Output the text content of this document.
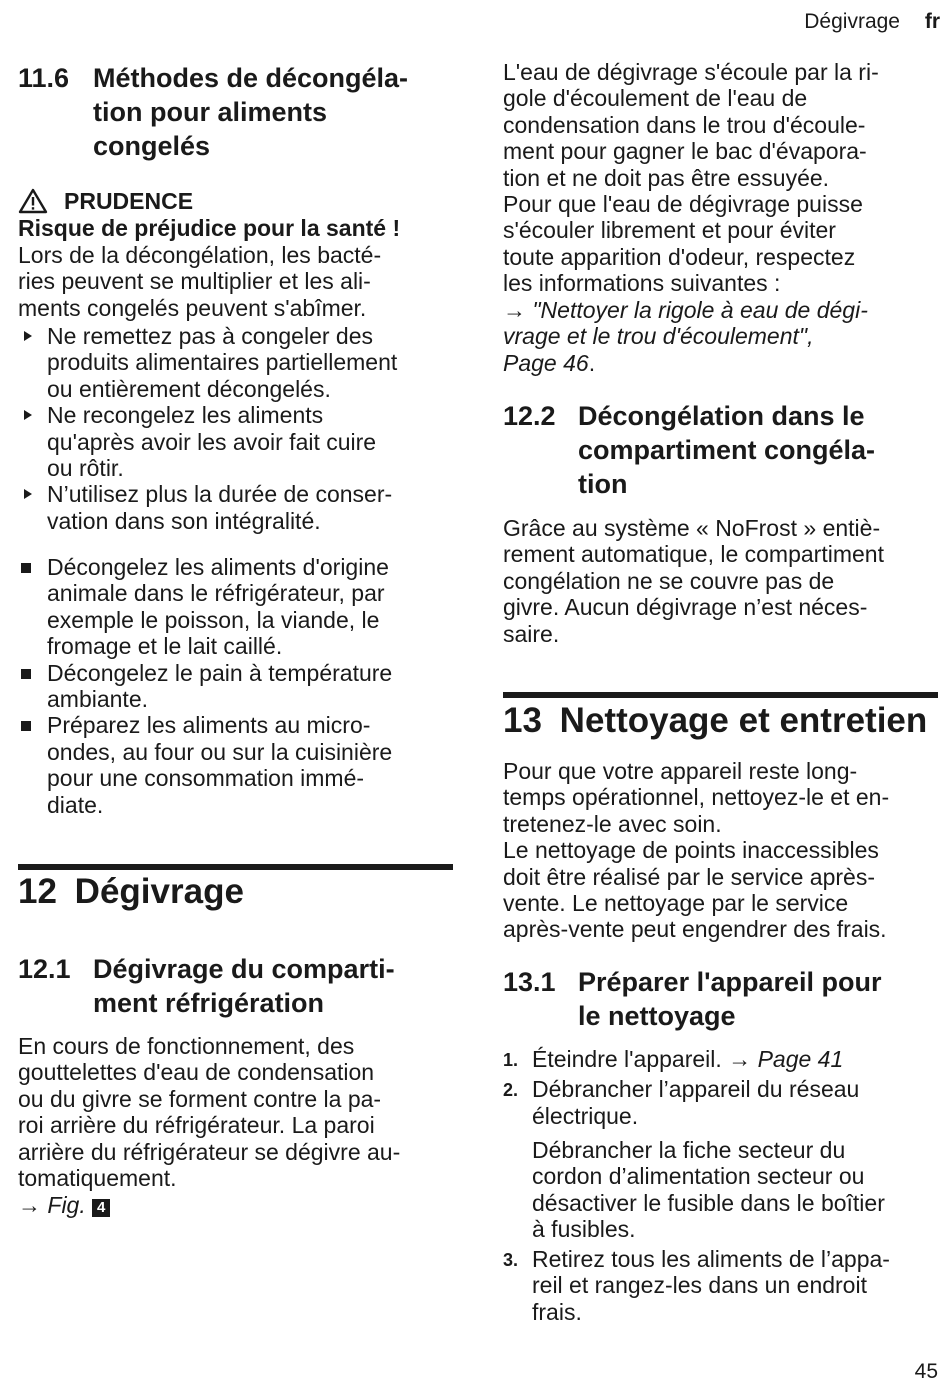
Dégivrage fr
11.6 Méthodes de décongéla-
tion pour aliments
congelés
PRUDENCE
Risque de préjudice pour la santé !
Lors de la décongélation, les bacté-
ries peuvent se multiplier et les ali-
ments congelés peuvent s'abîmer.
Ne remettez pas à congeler des
produits alimentaires partiellement
ou entièrement décongelés.
Ne recongelez les aliments
qu'après avoir les avoir fait cuire
ou rôtir.
N’utilisez plus la durée de conser-
vation dans son intégralité.
Décongelez les aliments d'origine
animale dans le réfrigérateur, par
exemple le poisson, la viande, le
fromage et le lait caillé.
Décongelez le pain à température
ambiante.
Préparez les aliments au micro-
ondes, au four ou sur la cuisinière
pour une consommation immé-
diate.
12 Dégivrage
12.1 Dégivrage du comparti-
ment réfrigération
En cours de fonctionnement, des
gouttelettes d'eau de condensation
ou du givre se forment contre la pa-
roi arrière du réfrigérateur. La paroi
arrière du réfrigérateur se dégivre au-
tomatiquement.
→ Fig. 4
L'eau de dégivrage s'écoule par la ri-
gole d'écoulement de l'eau de
condensation dans le trou d'écoule-
ment pour gagner le bac d'évapora-
tion et ne doit pas être essuyée.
Pour que l'eau de dégivrage puisse
s'écouler librement et pour éviter
toute apparition d'odeur, respectez
les informations suivantes :
→ "Nettoyer la rigole à eau de dégi-
vrage et le trou d'écoulement",
Page 46.
12.2 Décongélation dans le
compartiment congéla-
tion
Grâce au système « NoFrost » entiè-
rement automatique, le compartiment
congélation ne se couvre pas de
givre. Aucun dégivrage n’est néces-
saire.
13 Nettoyage et entretien
Pour que votre appareil reste long-
temps opérationnel, nettoyez-le et en-
tretenez-le avec soin.
Le nettoyage de points inaccessibles
doit être réalisé par le service après-
vente. Le nettoyage par le service
après-vente peut engendrer des frais.
13.1 Préparer l'appareil pour
le nettoyage
1. Éteindre l'appareil. → Page 41
2. Débrancher l’appareil du réseau
électrique.
Débrancher la fiche secteur du
cordon d’alimentation secteur ou
désactiver le fusible dans le boîtier
à fusibles.
3. Retirez tous les aliments de l’appa-
reil et rangez-les dans un endroit
frais.
45
